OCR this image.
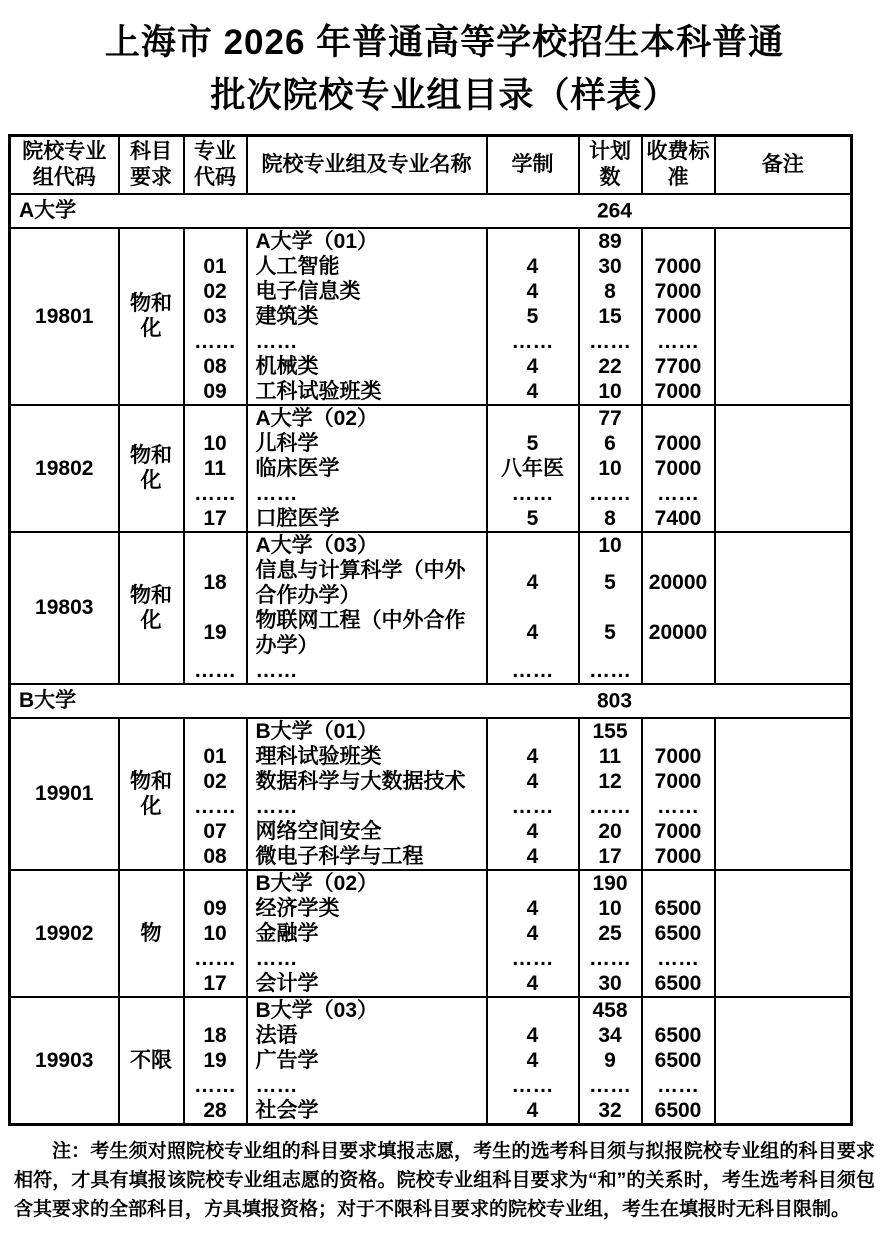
上海市 2026 年普通高等学校招生本科普通
批次院校专业组目录（样表）
院校专业组代码	科目要求	专业代码	院校专业组及专业名称	学制	计划数	收费标准	备注
A大学 264							

19801	物和化		A大学（01）		89		
		01	人工智能	4	30	7000	
		02	电子信息类	4	8	7000	
		03	建筑类	5	15	7000	
		……	……	……	……	……	
		08	机械类	4	22	7700	
		09	工科试验班类	4	10	7000	
19802	物和化		A大学（02）		77		
		10	儿科学	5	6	7000	
		11	临床医学	八年医	10	7000	
		……	……	……	……	……	
		17	口腔医学	5	8	7400	
19803	物和化		A大学（03）		10		
		18	信息与计算科学（中外合作办学）	4	5	20000	
		19	物联网工程（中外合作办学）	4	5	20000	
		……	……	……	……		
B大学 803							

19901	物和化		B大学（01）		155		
		01	理科试验班类	4	11	7000	
		02	数据科学与大数据技术	4	12	7000	
		……	……	……	……	……	
		07	网络空间安全	4	20	7000	
		08	微电子科学与工程	4	17	7000	
19902	物		B大学（02）		190		
		09	经济学类	4	10	6500	
		10	金融学	4	25	6500	
		……	……	……	……	……	
		17	会计学	4	30	6500	
19903	不限		B大学（03）		458		
		18	法语	4	34	6500	
		19	广告学	4	9	6500	
		……	……	……	……	……	
		28	社会学	4	32	6500	

注：考生须对照院校专业组的科目要求填报志愿，考生的选考科目须与拟报院校专业组的科目要求相符，才具有填报该院校专业组志愿的资格。院校专业组科目要求为“和”的关系时，考生选考科目须包含其要求的全部科目，方具填报资格；对于不限科目要求的院校专业组，考生在填报时无科目限制。
